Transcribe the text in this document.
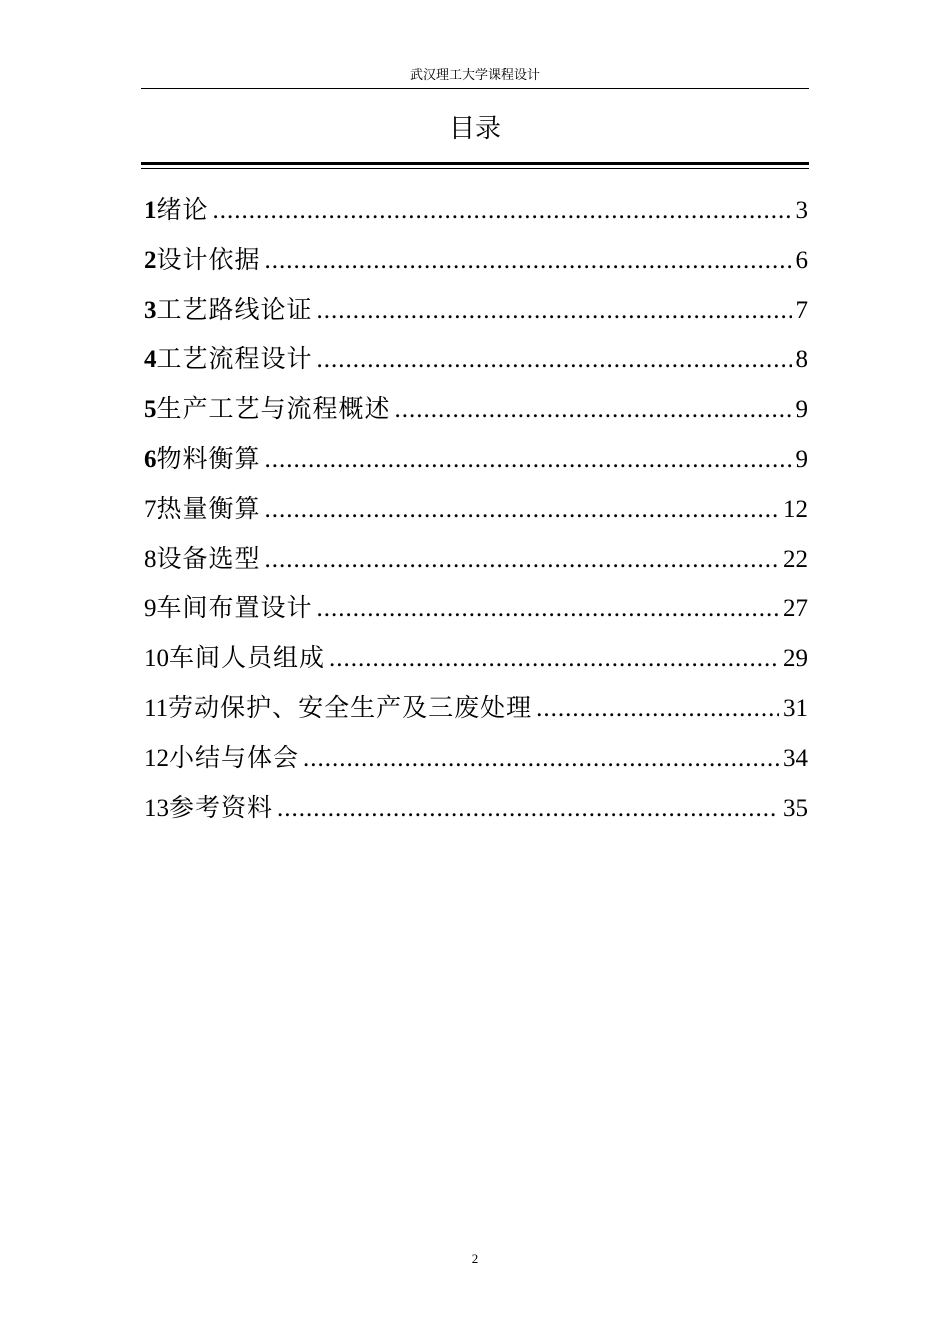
武汉理工大学课程设计
目录
1 绪论 .....	3
2 设计依据 .....	6
3 工艺路线论证 .....	7
4 工艺流程设计 .....	8
5 生产工艺与流程概述 .....	9
6 物料衡算 .....	9
7 热量衡算 .....	12
8 设备选型 .....	22
9 车间布置设计 .....	27
10 车间人员组成 .....	29
11 劳动保护、安全生产及三废处理 .....	31
12 小结与体会 .....	34
13 参考资料 .....	35
2
